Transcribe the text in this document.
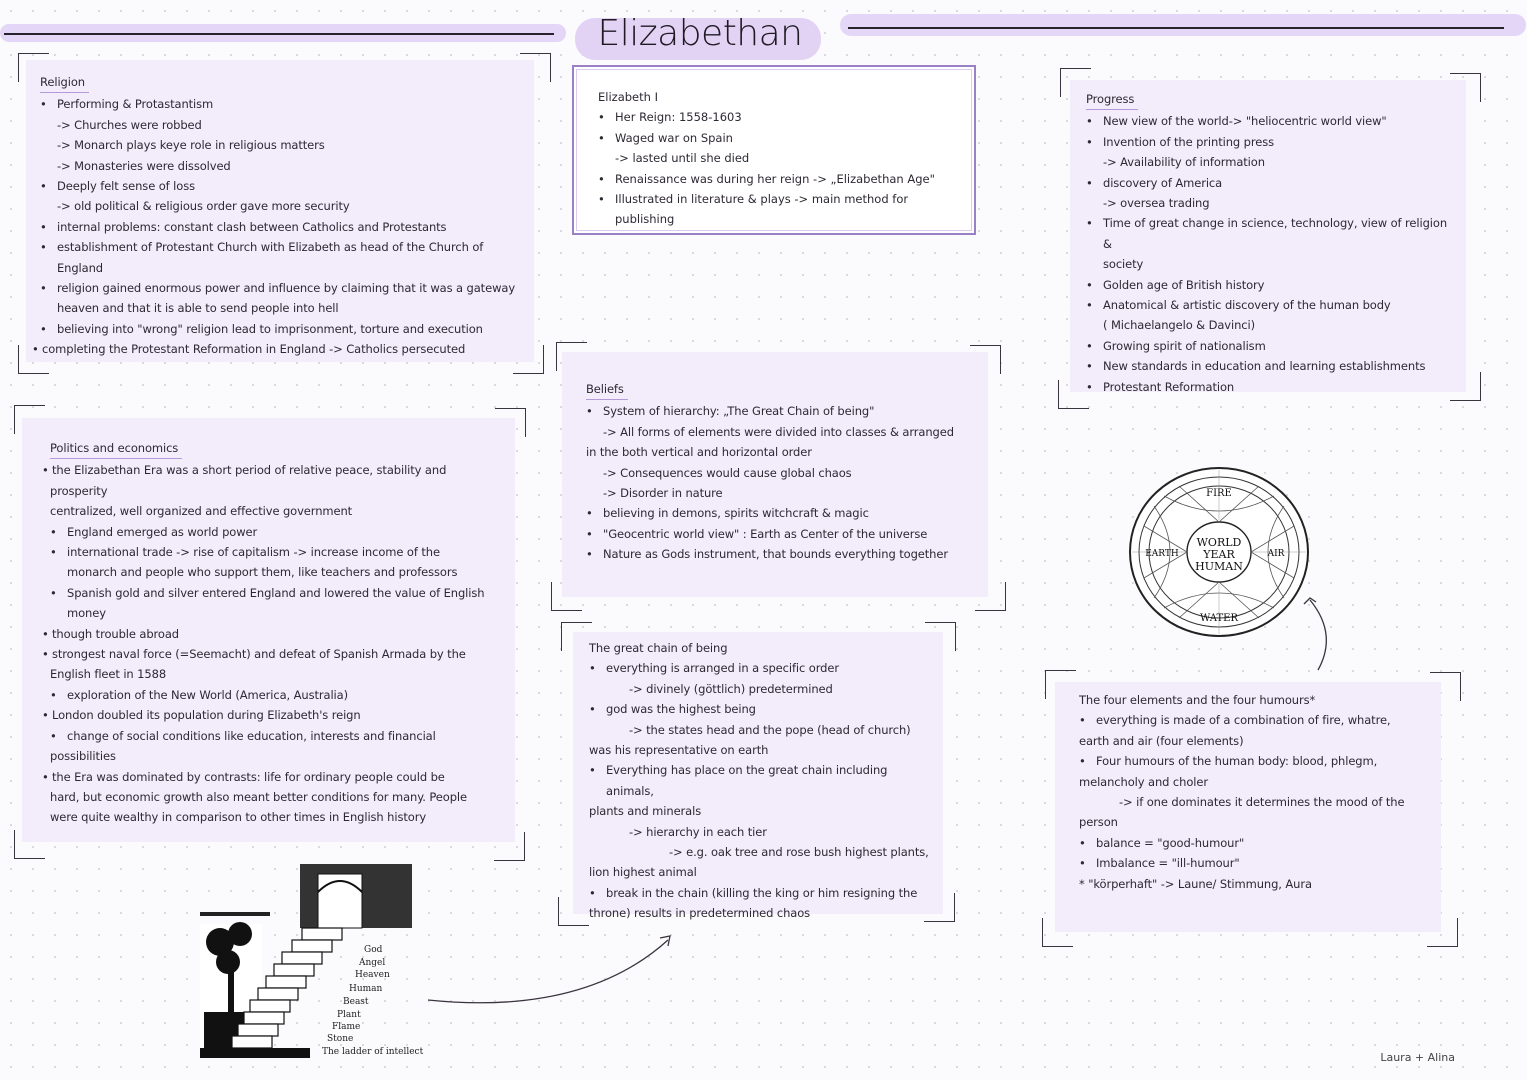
Elizabethan
Religion
• Performing & Protastantism
-> Churches were robbed
-> Monarch plays keye role in religious matters
-> Monasteries were dissolved
• Deeply felt sense of loss
-> old political & religious order gave more security
• internal problems: constant clash between Catholics and Protestants
• establishment of Protestant Church with Elizabeth as head of the Church of
England
• religion gained enormous power and influence by claiming that it was a gateway
heaven and that it is able to send people into hell
• believing into "wrong" religion lead to imprisonment, torture and execution
• completing the Protestant Reformation in England -> Catholics persecuted
Elizabeth I
• Her Reign: 1558-1603
• Waged war on Spain
-> lasted until she died
• Renaissance was during her reign -> „Elizabethan Age"
• Illustrated in literature & plays -> main method for publishing
Progress
• New view of the world-> "heliocentric world view"
• Invention of the printing press
-> Availability of information
• discovery of America
-> oversea trading
• Time of great change in science, technology, view of religion &
society
• Golden age of British history
• Anatomical & artistic discovery of the human body
( Michaelangelo & Davinci)
• Growing spirit of nationalism
• New standards in education and learning establishments
• Protestant Reformation
Politics and economics
• the Elizabethan Era was a short period of relative peace, stability and
prosperity
centralized, well organized and effective government
• England emerged as world power
• international trade -> rise of capitalism -> increase income of the
monarch and people who support them, like teachers and professors
• Spanish gold and silver entered England and lowered the value of English
money
• though trouble abroad
• strongest naval force (=Seemacht) and defeat of Spanish Armada by the
English fleet in 1588
• exploration of the New World (America, Australia)
• London doubled its population during Elizabeth's reign
• change of social conditions like education, interests and financial
possibilities
• the Era was dominated by contrasts: life for ordinary people could be
hard, but economic growth also meant better conditions for many. People
were quite wealthy in comparison to other times in English history
Beliefs
• System of hierarchy: „The Great Chain of being"
-> All forms of elements were divided into classes & arranged
in the both vertical and horizontal order
-> Consequences would cause global chaos
-> Disorder in nature
• believing in demons, spirits witchcraft & magic
• "Geocentric world view" : Earth as Center of the universe
• Nature as Gods instrument, that bounds everything together
The great chain of being
• everything is arranged in a specific order
-> divinely (göttlich) predetermined
• god was the highest being
-> the states head and the pope (head of church)
was his representative on earth
• Everything has place on the great chain including animals,
plants and minerals
-> hierarchy in each tier
-> e.g. oak tree and rose bush highest plants,
lion highest animal
• break in the chain (killing the king or him resigning the
throne) results in predetermined chaos
The four elements and the four humours*
• everything is made of a combination of fire, whatre,
earth and air (four elements)
• Four humours of the human body: blood, phlegm,
melancholy and choler
-> if one dominates it determines the mood of the
person
• balance = "good-humour"
• Imbalance = "ill-humour"
* "körperhaft" -> Laune/ Stimmung, Aura
WORLD
YEAR
HUMAN
FIRE
AIR
WATER
EARTH
God
Angel
Heaven
Human
Beast
Plant
Flame
Stone
The ladder of intellect	Laura + Alina
